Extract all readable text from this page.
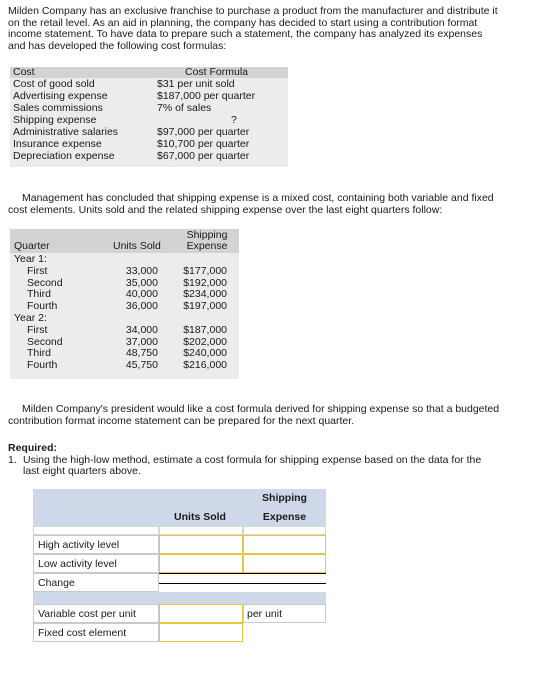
Milden Company has an exclusive franchise to purchase a product from the manufacturer and distribute it
on the retail level. As an aid in planning, the company has decided to start using a contribution format
income statement. To have data to prepare such a statement, the company has analyzed its expenses
and has developed the following cost formulas:
Cost	Cost Formula
Cost of good sold	$31 per unit sold
Advertising expense	$187,000 per quarter
Sales commissions	7% of sales
Shipping expense	?
Administrative salaries	$97,000 per quarter
Insurance expense	$10,700 per quarter
Depreciation expense	$67,000 per quarter
Management has concluded that shipping expense is a mixed cost, containing both variable and fixed
cost elements. Units sold and the related shipping expense over the last eight quarters follow:
Quarter	Units Sold
Shipping
Expense
Year 1:
First	33,000	$177,000
Second	35,000	$192,000
Third	40,000	$234,000
Fourth	36,000	$197,000
Year 2:
First	34,000	$187,000
Second	37,000	$202,000
Third	48,750	$240,000
Fourth	45,750	$216,000
Milden Company's president would like a cost formula derived for shipping expense so that a budgeted
contribution format income statement can be prepared for the next quarter.
Required:
1. Using the high-low method, estimate a cost formula for shipping expense based on the data for the
last eight quarters above.
Units Sold
Shipping
Expense
High activity level
Low activity level
Change
Variable cost per unit	per unit
Fixed cost element
